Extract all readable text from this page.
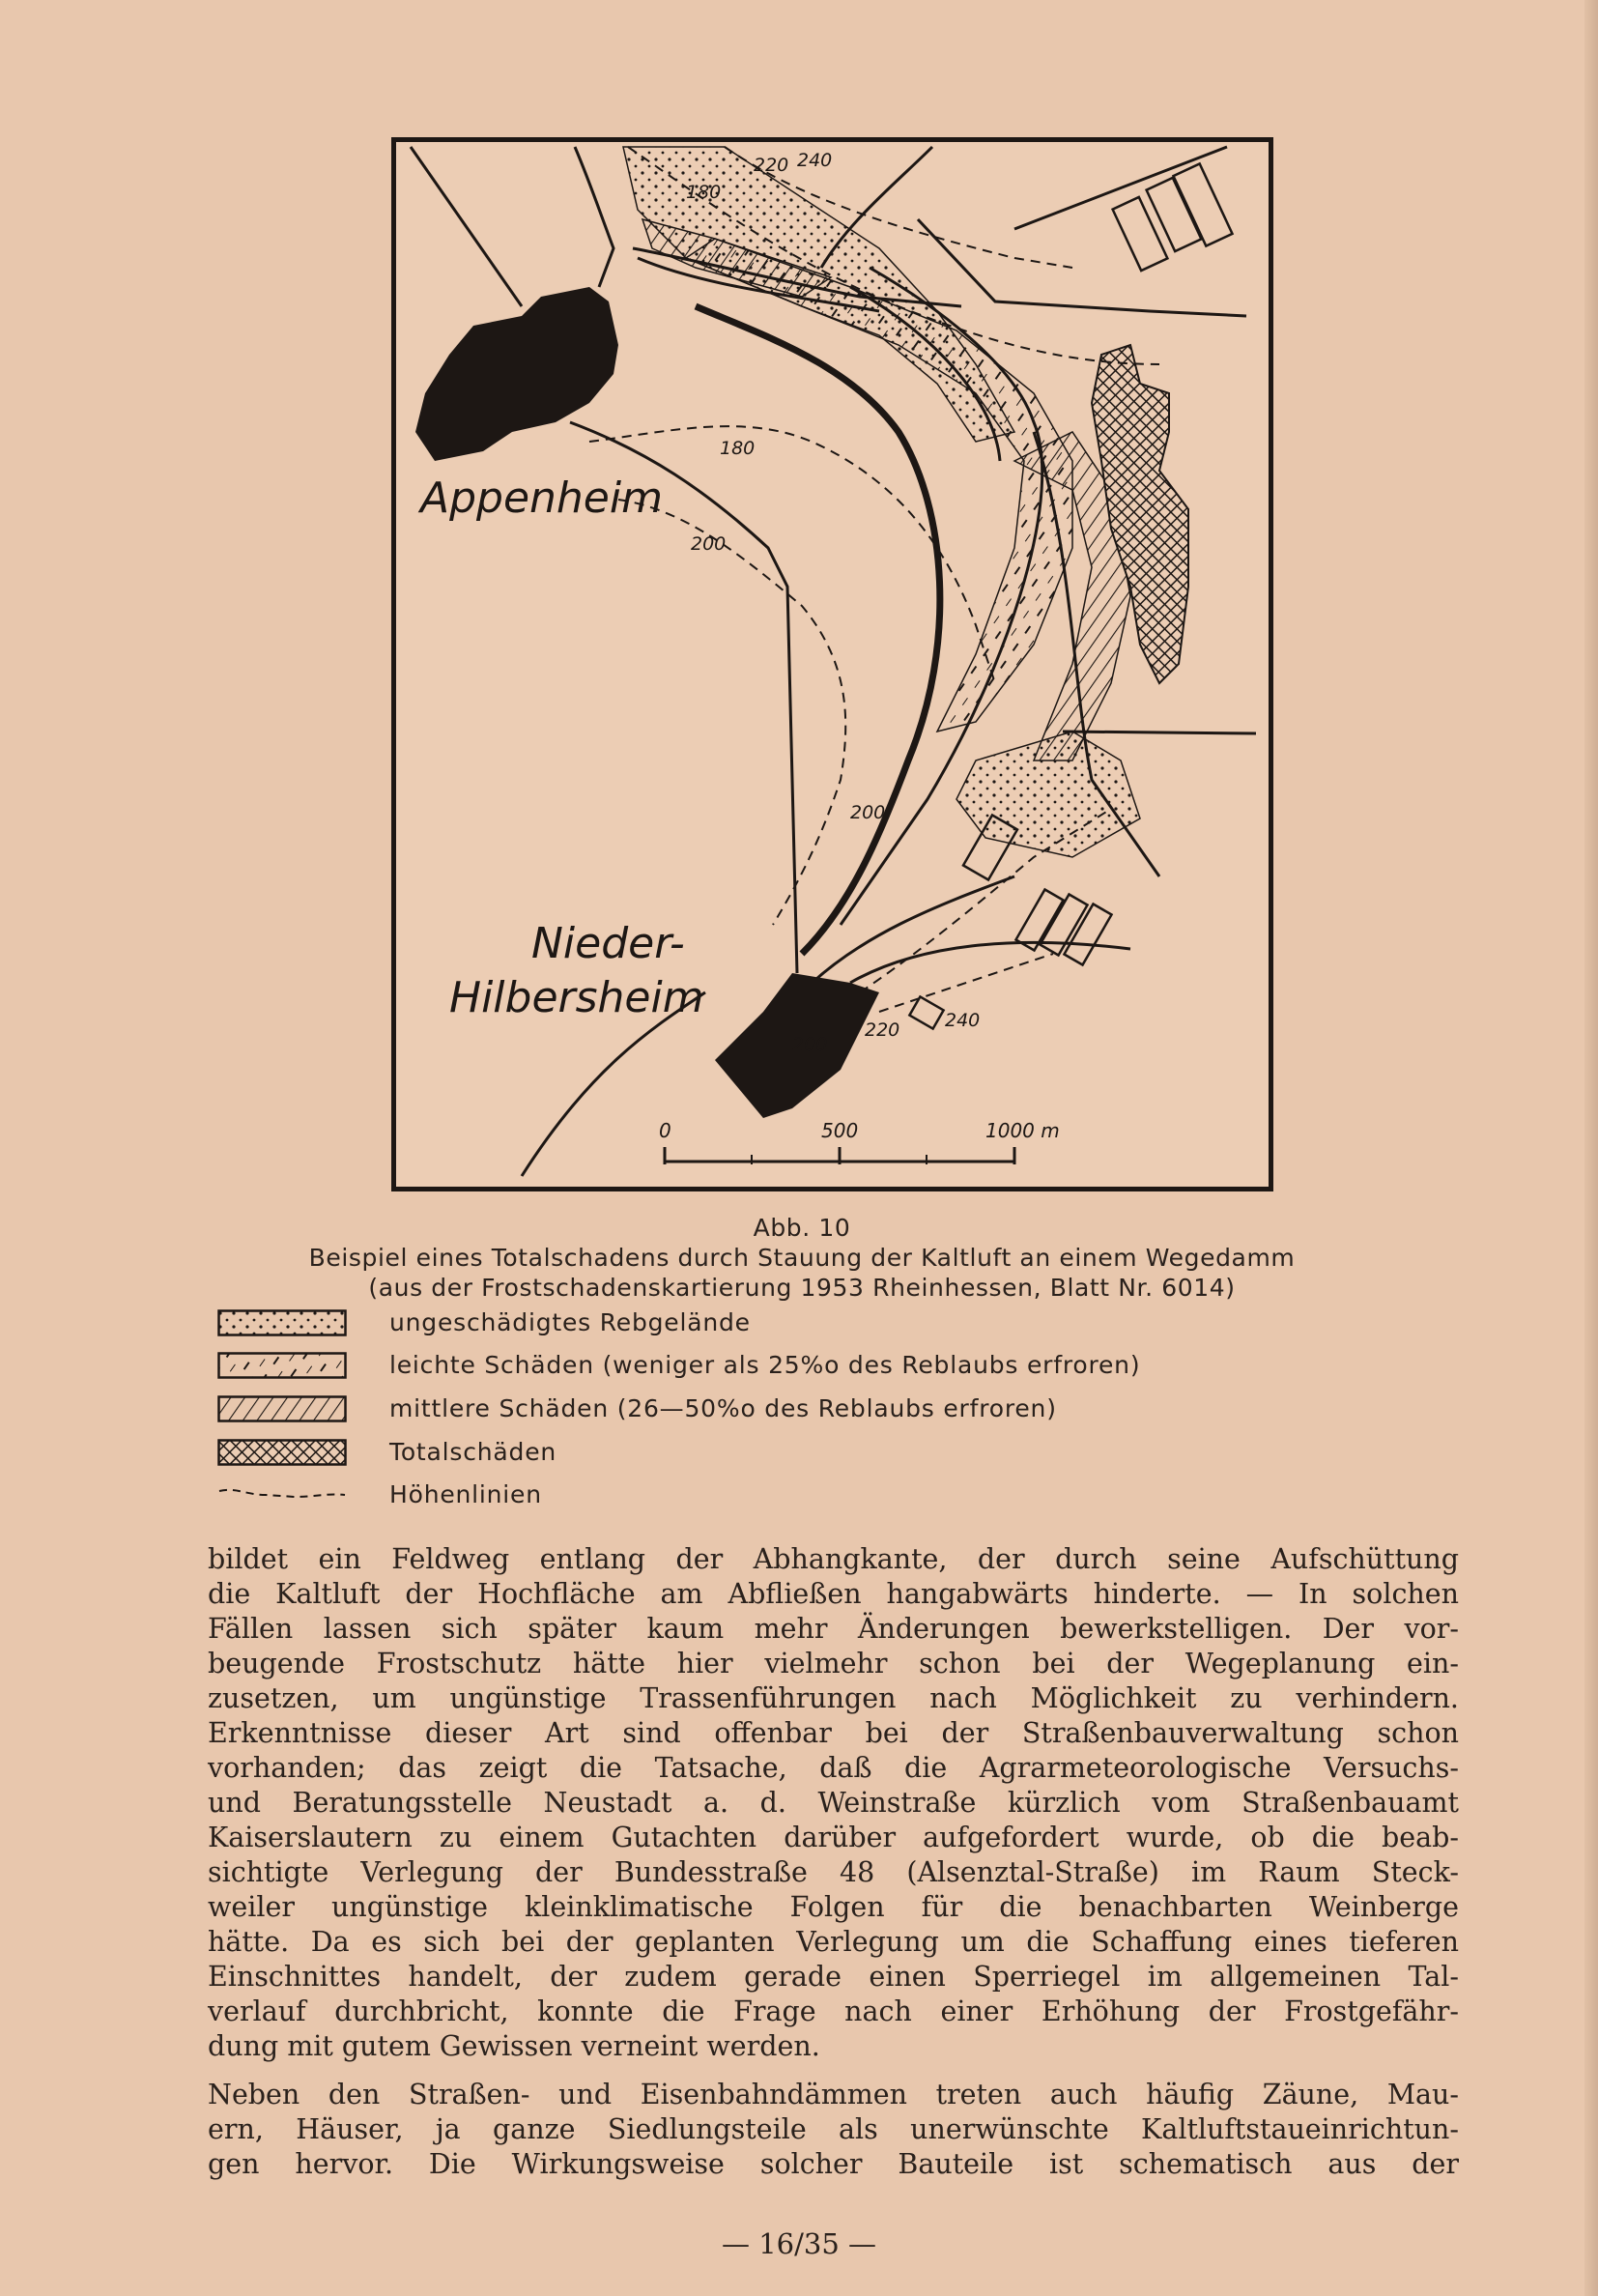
Appenheim
Nieder-
Hilbersheim
220 240
180
180
200
200
200
220 240
0	500	1000 m
Abb. 10
Beispiel eines Totalschadens durch Stauung der Kaltluft an einem Wegedamm
(aus der Frostschadenskartierung 1953 Rheinhessen, Blatt Nr. 6014)
ungeschädigtes Rebgelände
leichte Schäden (weniger als 25%o des Reblaubs erfroren)
mittlere Schäden (26—50%o des Reblaubs erfroren)
Totalschäden
Höhenlinien
bildet ein Feldweg entlang der Abhangkante, der durch seine Aufschüttung
die Kaltluft der Hochfläche am Abfließen hangabwärts hinderte. — In solchen
Fällen lassen sich später kaum mehr Änderungen bewerkstelligen. Der vor-
beugende Frostschutz hätte hier vielmehr schon bei der Wegeplanung ein-
zusetzen, um ungünstige Trassenführungen nach Möglichkeit zu verhindern.
Erkenntnisse dieser Art sind offenbar bei der Straßenbauverwaltung schon
vorhanden; das zeigt die Tatsache, daß die Agrarmeteorologische Versuchs-
und Beratungsstelle Neustadt a. d. Weinstraße kürzlich vom Straßenbauamt
Kaiserslautern zu einem Gutachten darüber aufgefordert wurde, ob die beab-
sichtigte Verlegung der Bundesstraße 48 (Alsenztal-Straße) im Raum Steck-
weiler ungünstige kleinklimatische Folgen für die benachbarten Weinberge
hätte. Da es sich bei der geplanten Verlegung um die Schaffung eines tieferen
Einschnittes handelt, der zudem gerade einen Sperriegel im allgemeinen Tal-
verlauf durchbricht, konnte die Frage nach einer Erhöhung der Frostgefähr-
dung mit gutem Gewissen verneint werden.
Neben den Straßen- und Eisenbahndämmen treten auch häufig Zäune, Mau-
ern, Häuser, ja ganze Siedlungsteile als unerwünschte Kaltluftstaueinrichtun-
gen hervor. Die Wirkungsweise solcher Bauteile ist schematisch aus der
— 16/35 —
